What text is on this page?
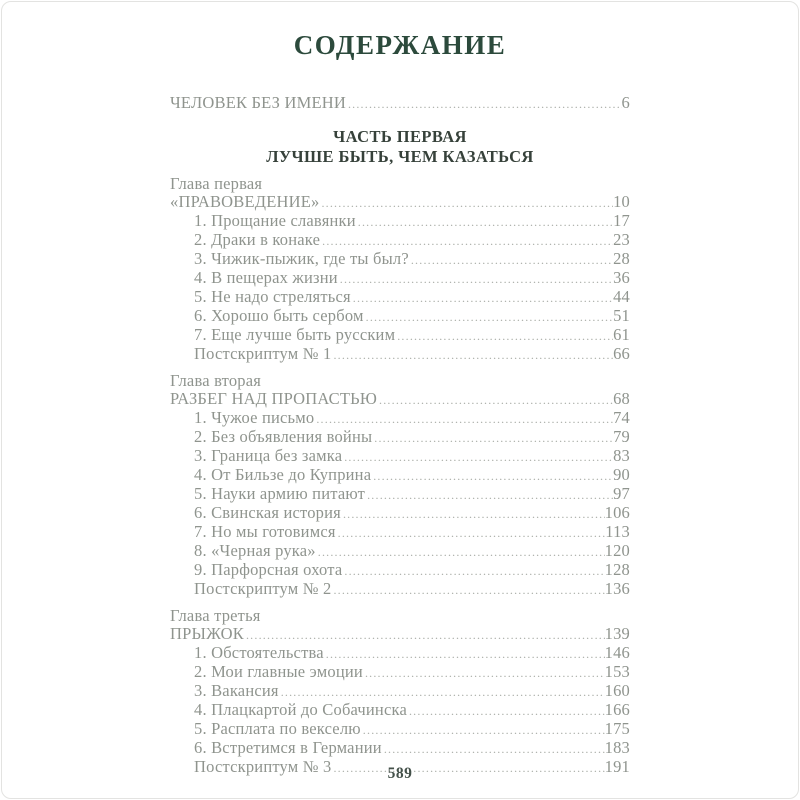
СОДЕРЖАНИЕ
ЧЕЛОВЕК БЕЗ ИМЕНИ .....	6
ЧАСТЬ ПЕРВАЯ
ЛУЧШЕ БЫТЬ, ЧЕМ КАЗАТЬСЯ
Глава первая
«ПРАВОВЕДЕНИЕ» .....	10
1. Прощание славянки .....	17
2. Драки в конаке .....	23
3. Чижик-пыжик, где ты был? .....	28
4. В пещерах жизни .....	36
5. Не надо стреляться .....	44
6. Хорошо быть сербом .....	51
7. Еще лучше быть русским .....	61
Постскриптум № 1 .....	66
Глава вторая
РАЗБЕГ НАД ПРОПАСТЬЮ .....	68
1. Чужое письмо .....	74
2. Без объявления войны .....	79
3. Граница без замка .....	83
4. От Бильзе до Куприна .....	90
5. Науки армию питают .....	97
6. Свинская история .....	106
7. Но мы готовимся .....	113
8. «Черная рука» .....	120
9. Парфорсная охота .....	128
Постскриптум № 2 .....	136
Глава третья
ПРЫЖОК .....	139
1. Обстоятельства .....	146
2. Мои главные эмоции .....	153
3. Вакансия .....	160
4. Плацкартой до Собачинска .....	166
5. Расплата по векселю .....	175
6. Встретимся в Германии .....	183
Постскриптум № 3 .....	191
589
